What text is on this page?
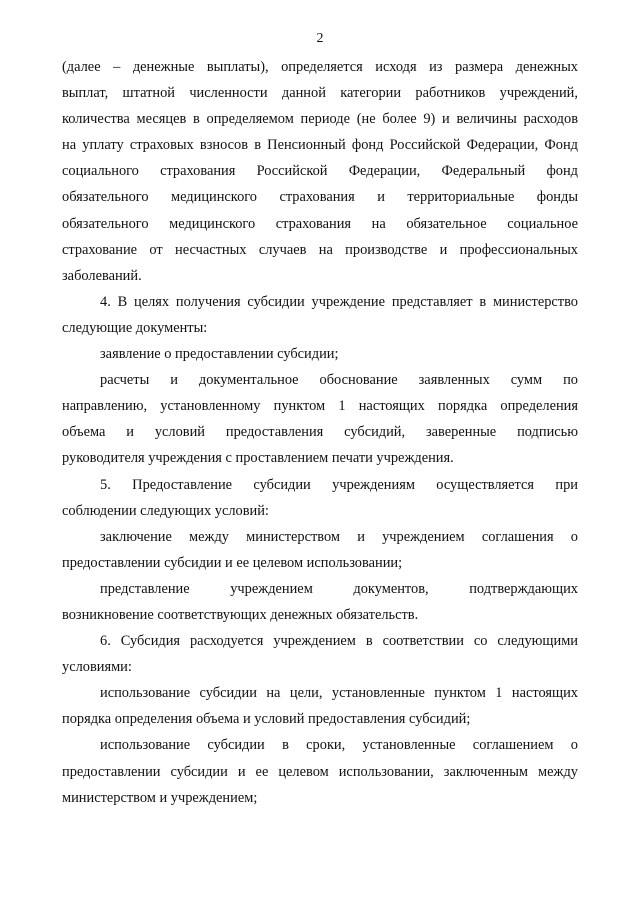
2

(далее – денежные выплаты), определяется исходя из размера денежных

выплат, штатной численности данной категории работников учреждений,

количества месяцев в определяемом периоде (не более 9) и величины расходов

на уплату страховых взносов в Пенсионный фонд Российской Федерации, Фонд

социального страхования Российской Федерации, Федеральный фонд

обязательного медицинского страхования и территориальные фонды

обязательного медицинского страхования на обязательное социальное

страхование от несчастных случаев на производстве и профессиональных

заболеваний.

4. В целях получения субсидии учреждение представляет в министерство

следующие документы:

заявление о предоставлении субсидии;

расчеты и документальное обоснование заявленных сумм по

направлению, установленному пунктом 1 настоящих порядка определения

объема и условий предоставления субсидий, заверенные подписью

руководителя учреждения с проставлением печати учреждения.

5. Предоставление субсидии учреждениям осуществляется при

соблюдении следующих условий:

заключение между министерством и учреждением соглашения о

предоставлении субсидии и ее целевом использовании;

представление учреждением документов, подтверждающих

возникновение соответствующих денежных обязательств.

6. Субсидия расходуется учреждением в соответствии со следующими

условиями:

использование субсидии на цели, установленные пунктом 1 настоящих

порядка определения объема и условий предоставления субсидий;

использование субсидии в сроки, установленные соглашением о

предоставлении субсидии и ее целевом использовании, заключенным между

министерством и учреждением;
